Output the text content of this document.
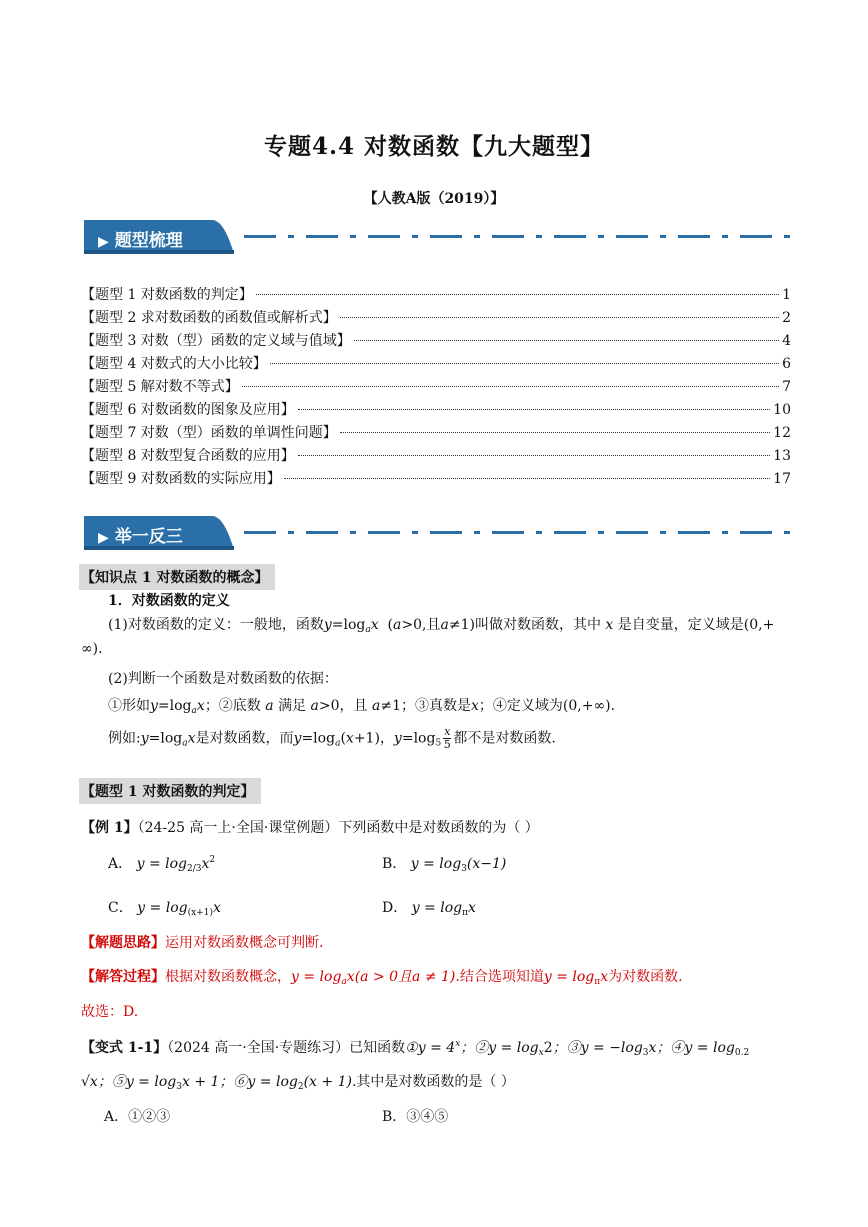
专题4.4 对数函数【九大题型】
【人教A版（2019）】
▶ 题型梳理
【题型 1 对数函数的判定】	1
【题型 2 求对数函数的函数值或解析式】	2
【题型 3 对数（型）函数的定义域与值域】	4
【题型 4 对数式的大小比较】	6
【题型 5 解对数不等式】	7
【题型 6 对数函数的图象及应用】	10
【题型 7 对数（型）函数的单调性问题】	12
【题型 8 对数型复合函数的应用】	13
【题型 9 对数函数的实际应用】	17
▶ 举一反三
【知识点 1 对数函数的概念】
1．对数函数的定义
(1)对数函数的定义：一般地，函数$y=\log_ax$  (a>0,且a≠1)叫做对数函数，其中 x 是自变量，定义域是(0,+
∞).
(2)判断一个函数是对数函数的依据：
①形如$y=\log_ax$；②底数 a 满足 a>0，且 a≠1；③真数是x；④定义域为(0,+∞).
例如$:y=\log_ax$是对数函数，而$y=\log_a(x+1)$，$y=\log_5 \frac{x}{5}$ 都不是对数函数.
【题型 1 对数函数的判定】
【例 1】（24-25 高一上·全国·课堂例题）下列函数中是对数函数的为（ ）
A． $y = \log_{2/3}x^2$	B． $y = \log_3(x-1)$
C． $y = \log_{(x+1)}x$	D． $y = \log_\pi x$
【解题思路】运用对数函数概念可判断.
【解答过程】根据对数函数概念，$y = \log_ax(a > 0$且a ≠ 1).结合选项知道$y = \log_\pi x$为对数函数.
故选：D.
【变式 1-1】（2024 高一·全国·专题练习）已知函数①y = $4^x$；②y = $\log_x2$；③y = $-\log_3x$；④y = $\log_{0.2}$
√x；⑤y = $\log_3x + 1$；⑥y = $\log_2(x + 1)$.其中是对数函数的是（ ）
A．①②③	B．③④⑤
